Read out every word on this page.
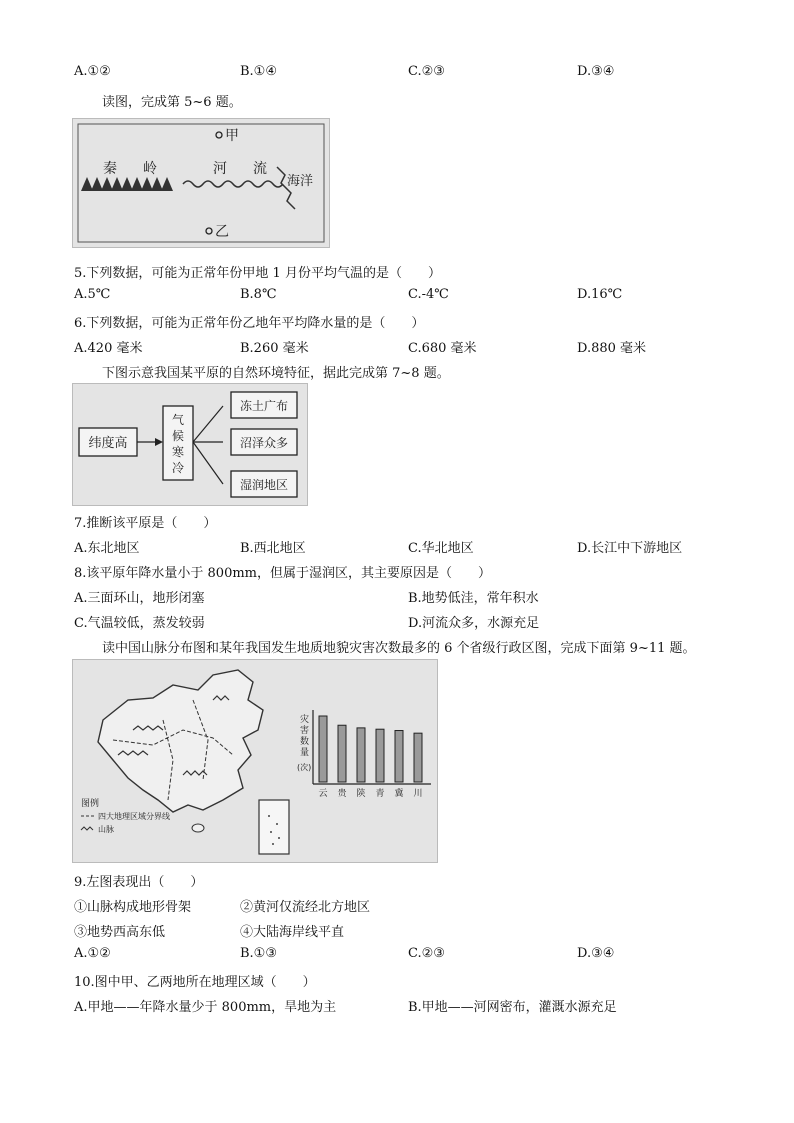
A.①②	B.①④	C.②③	D.③④
读图，完成第 5~6 题。
甲
乙
秦 岭	河 流
海洋
5.下列数据，可能为正常年份甲地 1 月份平均气温的是（　　）
A.5℃	B.8℃	C.-4℃	D.16℃
6.下列数据，可能为正常年份乙地年平均降水量的是（　　）
A.420 毫米	B.260 毫米	C.680 毫米	D.880 毫米
下图示意我国某平原的自然环境特征，据此完成第 7~8 题。
纬度高
气
候
寒
冷
冻土广布
沼泽众多
湿润地区
7.推断该平原是（　　）
A.东北地区	B.西北地区	C.华北地区	D.长江中下游地区
8.该平原年降水量小于 800mm，但属于湿润区，其主要原因是（　　）
A.三面环山，地形闭塞	B.地势低洼，常年积水
C.气温较低，蒸发较弱	D.河流众多，水源充足
读中国山脉分布图和某年我国发生地质地貌灾害次数最多的 6 个省级行政区图，完成下面第 9~11 题。
图例
四大地理区域分界线
山脉
灾
害
数
量
(次)
云 贵 陕 青 冀 川
9.左图表现出（　　）
①山脉构成地形骨架	②黄河仅流经北方地区
③地势西高东低	④大陆海岸线平直
A.①②	B.①③	C.②③	D.③④
10.图中甲、乙两地所在地理区域（　　）
A.甲地——年降水量少于 800mm，旱地为主	B.甲地——河网密布，灌溉水源充足
